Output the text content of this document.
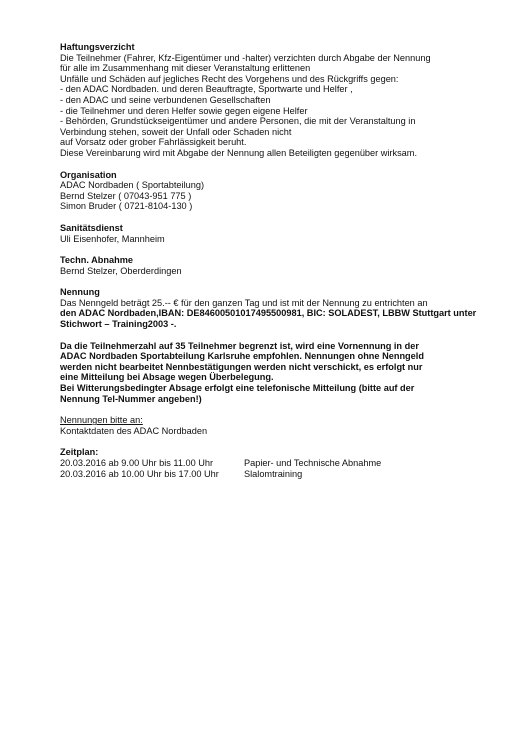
Haftungsverzicht
Die Teilnehmer (Fahrer, Kfz-Eigentümer und -halter) verzichten durch Abgabe der Nennung
für alle im Zusammenhang mit dieser Veranstaltung erlittenen
Unfälle und Schäden auf jegliches Recht des Vorgehens und des Rückgriffs gegen:
- den ADAC Nordbaden. und deren Beauftragte, Sportwarte und Helfer ,
- den ADAC und seine verbundenen Gesellschaften
- die Teilnehmer und deren Helfer sowie gegen eigene Helfer
- Behörden, Grundstückseigentümer und andere Personen, die mit der Veranstaltung in
Verbindung stehen, soweit der Unfall oder Schaden nicht
auf Vorsatz oder grober Fahrlässigkeit beruht.
Diese Vereinbarung wird mit Abgabe der Nennung allen Beteiligten gegenüber wirksam.
Organisation
ADAC Nordbaden ( Sportabteilung)
Bernd Stelzer ( 07043-951 775 )
Simon Bruder ( 0721-8104-130 )
Sanitätsdienst
Uli Eisenhofer, Mannheim
Techn. Abnahme
Bernd Stelzer, Oberderdingen
Nennung
Das Nenngeld beträgt 25.-- € für den ganzen Tag und ist mit der Nennung zu entrichten an
den ADAC Nordbaden,IBAN: DE84600501017495500981, BIC: SOLADEST, LBBW Stuttgart unter
Stichwort – Training2003 -.
Da die Teilnehmerzahl auf 35 Teilnehmer begrenzt ist, wird eine Vornennung in der
ADAC Nordbaden Sportabteilung Karlsruhe empfohlen. Nennungen ohne Nenngeld
werden nicht bearbeitet Nennbestätigungen werden nicht verschickt, es erfolgt nur
eine Mitteilung bei Absage wegen Überbelegung.
Bei Witterungsbedingter Absage erfolgt eine telefonische Mitteilung (bitte auf der
Nennung Tel-Nummer angeben!)
Nennungen bitte an:
Kontaktdaten des ADAC Nordbaden
Zeitplan:
20.03.2016 ab 9.00 Uhr bis 11.00 Uhr	Papier- und Technische Abnahme
20.03.2016 ab 10.00 Uhr bis 17.00 Uhr	Slalomtraining
